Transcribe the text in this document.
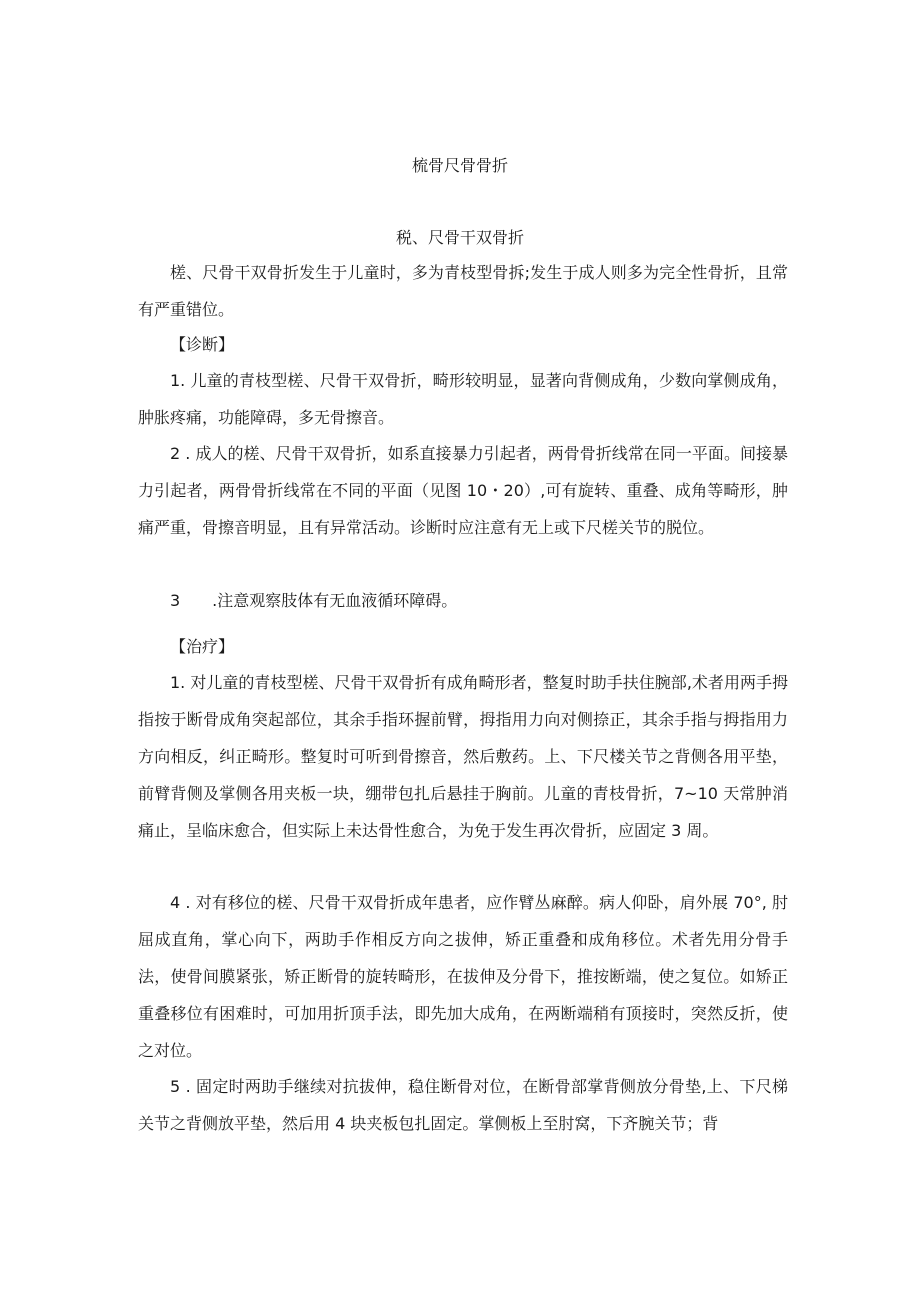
梳骨尺骨骨折
税、尺骨干双骨折

槎、尺骨干双骨折发生于儿童时，多为青枝型骨拆;发生于成人则多为完全性骨折，且常有严重错位。

【诊断】

1. 儿童的青枝型槎、尺骨干双骨折，畸形较明显，显著向背侧成角，少数向掌侧成角，肿胀疼痛，功能障碍，多无骨擦音。

2 . 成人的槎、尺骨干双骨折，如系直接暴力引起者，两骨骨折线常在同一平面。间接暴力引起者，两骨骨折线常在不同的平面（见图 10・20）,可有旋转、重叠、成角等畸形，肿痛严重，骨擦音明显，且有异常活动。诊断时应注意有无上或下尺槎关节的脱位。

3　　.注意观察肢体有无血液循环障碍。

【治疗】

1. 对儿童的青枝型槎、尺骨干双骨折有成角畸形者，整复时助手扶住腕部,术者用两手拇指按于断骨成角突起部位，其余手指环握前臂，拇指用力向对侧捺正，其余手指与拇指用力方向相反，纠正畸形。整复时可听到骨擦音，然后敷药。上、下尺楼关节之背侧各用平垫，前臂背侧及掌侧各用夹板一块，绷带包扎后悬挂于胸前。儿童的青枝骨折，7~10 天常肿消痛止，呈临床愈合，但实际上未达骨性愈合，为免于发生再次骨折，应固定 3 周。

4 . 对有移位的槎、尺骨干双骨折成年患者，应作臂丛麻醉。病人仰卧，肩外展 70°, 肘屈成直角，掌心向下，两助手作相反方向之拔伸，矫正重叠和成角移位。术者先用分骨手法，使骨间膜紧张，矫正断骨的旋转畸形，在拔伸及分骨下，推按断端，使之复位。如矫正重叠移位有困难时，可加用折顶手法，即先加大成角，在两断端稍有顶接时，突然反折，使之对位。

5 . 固定时两助手继续对抗拔伸，稳住断骨对位，在断骨部掌背侧放分骨垫,上、下尺梯关节之背侧放平垫，然后用 4 块夹板包扎固定。掌侧板上至肘窝，下齐腕关节；背
